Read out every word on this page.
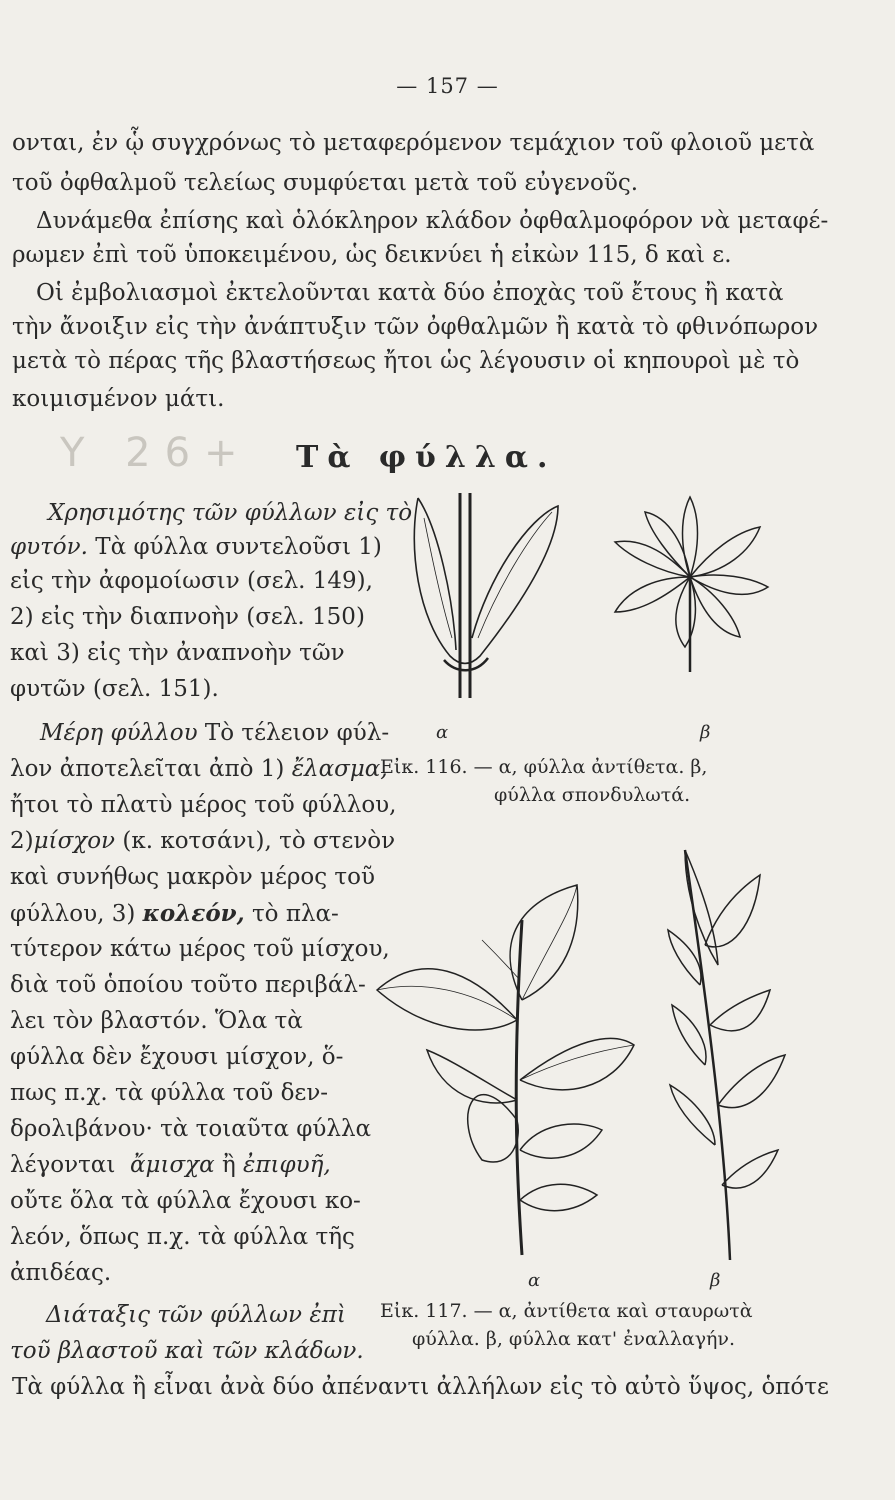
— 157 —
ονται, ἐν ᾧ συγχρόνως τὸ μεταφερόμενον τεμάχιον τοῦ φλοιοῦ μετὰ
τοῦ ὀφθαλμοῦ τελείως συμφύεται μετὰ τοῦ εὐγενοῦς.
Δυνάμεθα ἐπίσης καὶ ὁλόκληρον κλάδον ὀφθαλμοφόρον νὰ μεταφέ-
ρωμεν ἐπὶ τοῦ ὑποκειμένου, ὡς δεικνύει ἡ εἰκὼν 115, δ καὶ ε.
Οἱ ἐμβολιασμοὶ ἐκτελοῦνται κατὰ δύο ἐποχὰς τοῦ ἔτους ἢ κατὰ
τὴν ἄνοιξιν εἰς τὴν ἀνάπτυξιν τῶν ὀφθαλμῶν ἢ κατὰ τὸ φθινόπωρον
μετὰ τὸ πέρας τῆς βλαστήσεως ἤτοι ὡς λέγουσιν οἱ κηπουροὶ μὲ τὸ
κοιμισμένον μάτι.
Y 26+ Τὰ φύλλα.
Χρησιμότης τῶν φύλλων εἰς τὸ
φυτόν. Τὰ φύλλα συντελοῦσι 1)
εἰς τὴν ἀφομοίωσιν (σελ. 149),
2) εἰς τὴν διαπνοὴν (σελ. 150)
καὶ 3) εἰς τὴν ἀναπνοὴν τῶν
φυτῶν (σελ. 151).
Μέρη φύλλου Τὸ τέλειον φύλ-
λον ἀποτελεῖται ἀπὸ 1) ἔλασμα,
ἤτοι τὸ πλατὺ μέρος τοῦ φύλλου,
2)μίσχον (κ. κοτσάνι), τὸ στενὸν
καὶ συνήθως μακρὸν μέρος τοῦ
φύλλου, 3) κολεόν, τὸ πλα-
τύτερον κάτω μέρος τοῦ μίσχου,
διὰ τοῦ ὁποίου τοῦτο περιβάλ-
λει τὸν βλαστόν. Ὅλα τὰ
φύλλα δὲν ἔχουσι μίσχον, ὅ-
πως π.χ. τὰ φύλλα τοῦ δεν-
δρολιβάνου· τὰ τοιαῦτα φύλλα
λέγονται ἄμισχα ἢ ἐπιφυῆ,
οὔτε ὅλα τὰ φύλλα ἔχουσι κο-
λεόν, ὅπως π.χ. τὰ φύλλα τῆς
ἀπιδέας.
Διάταξις τῶν φύλλων ἐπὶ
τοῦ βλαστοῦ καὶ τῶν κλάδων.
Τὰ φύλλα ἢ εἶναι ἀνὰ δύο ἀπέναντι ἀλλήλων εἰς τὸ αὐτὸ ὕψος, ὁπότε
α	β
Εἰκ. 116. — α, φύλλα ἀντίθετα. β,
φύλλα σπονδυλωτά.
α	β
Εἰκ. 117. — α, ἀντίθετα καὶ σταυρωτὰ
φύλλα. β, φύλλα κατ' ἐναλλαγήν.
